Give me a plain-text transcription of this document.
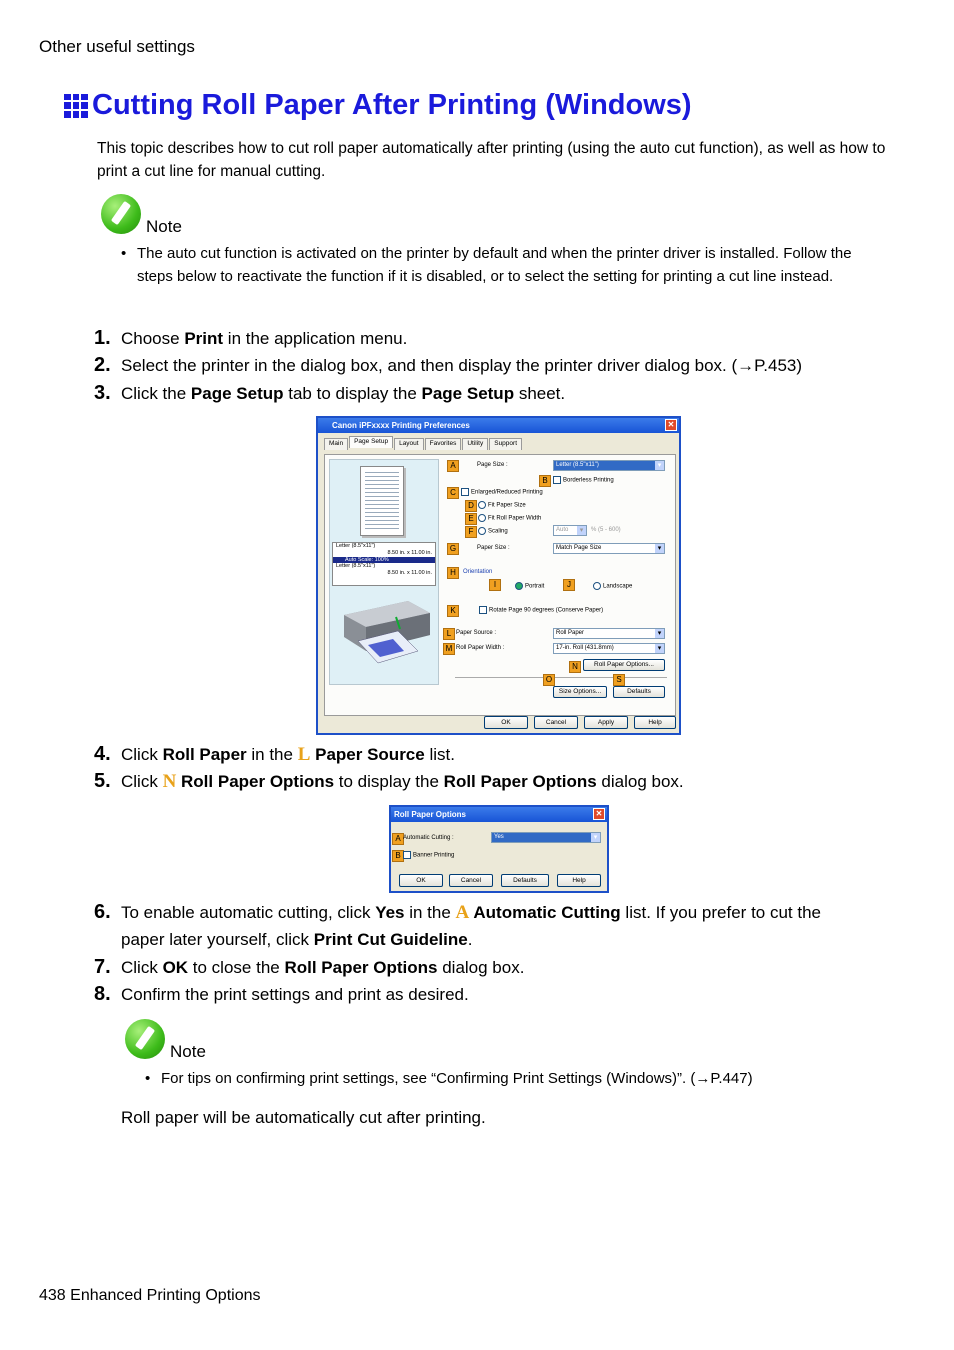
Other useful settings
Cutting Roll Paper After Printing (Windows)
This topic describes how to cut roll paper automatically after printing (using the auto cut function), as well as how to print a cut line for manual cutting.
Note
• The auto cut function is activated on the printer by default and when the printer driver is installed. Follow the steps below to reactivate the function if it is disabled, or to select the setting for printing a cut line instead.
1. Choose Print in the application menu.
2. Select the printer in the dialog box, and then display the printer driver dialog box. (→P.453)
3. Click the Page Setup tab to display the Page Setup sheet.
Canon iPFxxxx Printing Preferences	✕
Main	Page Setup	Layout	Favorites	Utility	Support
Letter (8.5"x11")
8.50 in. x 11.00 in.
Auto Scale: 100%
Letter (8.5"x11")
8.50 in. x 11.00 in.
A	Page Size :	Letter (8.5"x11") ▾
B	Borderless Printing
C	Enlarged/Reduced Printing
D	Fit Paper Size
E	Fit Roll Paper Width
F	Scaling	Auto ▾	% (5 - 600)
G	Paper Size :	Match Page Size ▾
H	Orientation
I	Portrait	J	Landscape
K	Rotate Page 90 degrees (Conserve Paper)
L Paper Source :	Roll Paper ▾
M Roll Paper Width :	17-in. Roll (431.8mm) ▾
N	Roll Paper Options...
O	S
Size Options...	Defaults
OK	Cancel	Apply	Help
4. Click Roll Paper in the L Paper Source list.
5. Click N Roll Paper Options to display the Roll Paper Options dialog box.
Roll Paper Options	✕
A Automatic Cutting :	Yes ▾
B	Banner Printing
OK	Cancel	Defaults	Help
6. To enable automatic cutting, click Yes in the A Automatic Cutting list. If you prefer to cut the paper later yourself, click Print Cut Guideline.
7. Click OK to close the Roll Paper Options dialog box.
8. Confirm the print settings and print as desired.
Note
• For tips on confirming print settings, see “Confirming Print Settings (Windows)”. (→P.447)
Roll paper will be automatically cut after printing.
438 Enhanced Printing Options
